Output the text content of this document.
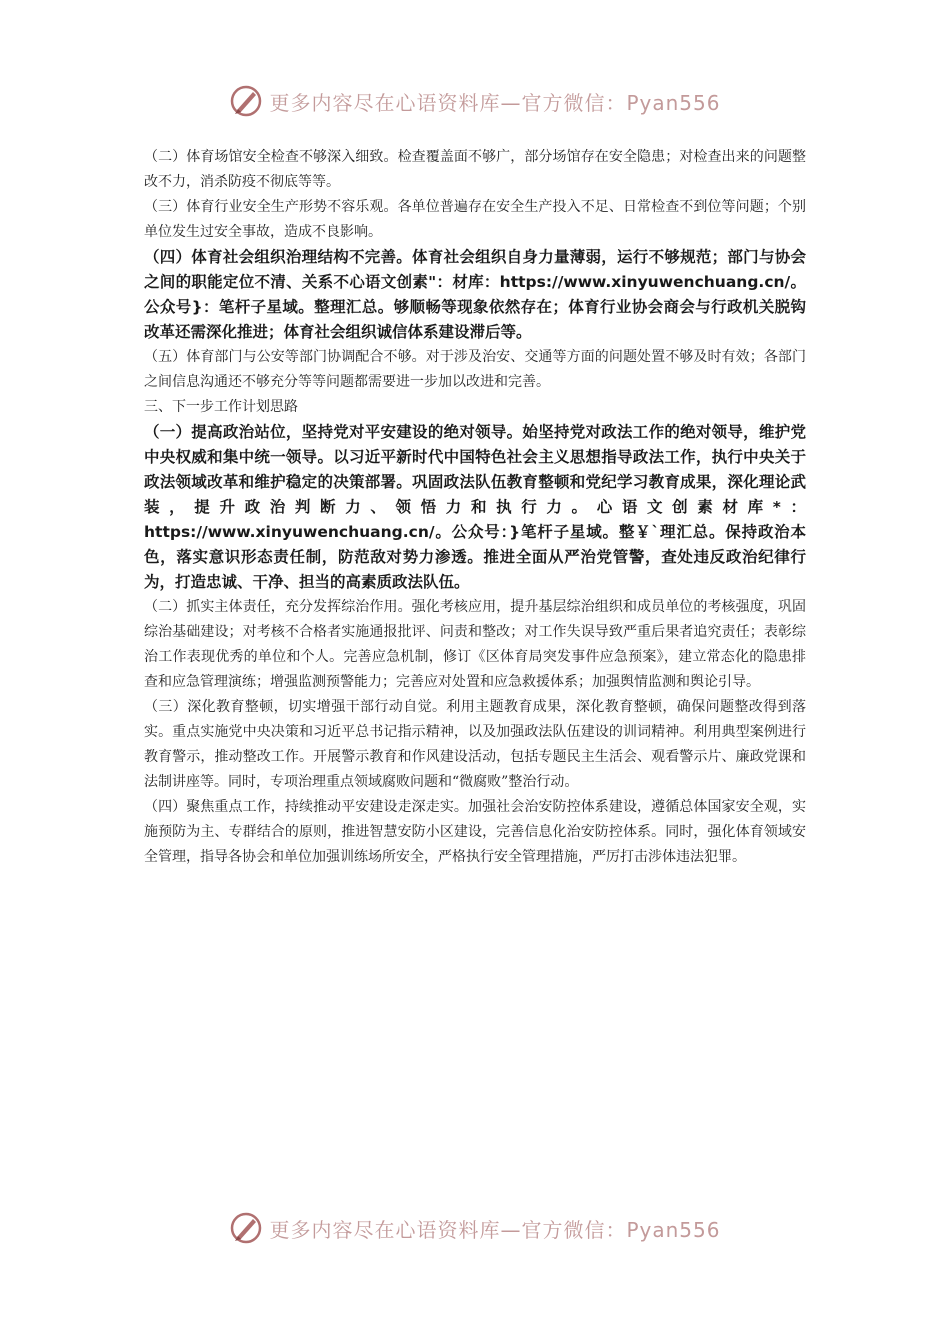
更多内容尽在心语资料库—官方微信：Pyan556

（二）体育场馆安全检查不够深入细致。检查覆盖面不够广，部分场馆存在安全隐患；对检查出来的问题整改不力，消杀防疫不彻底等等。

（三）体育行业安全生产形势不容乐观。各单位普遍存在安全生产投入不足、日常检查不到位等问题；个别单位发生过安全事故，造成不良影响。

（四）体育社会组织治理结构不完善。体育社会组织自身力量薄弱，运行不够规范；部门与协会之间的职能定位不清、关系不心语文创素"：材库：https://www.xinyuwenchuang.cn/。公众号}：笔杆子星域。整理汇总。够顺畅等现象依然存在；体育行业协会商会与行政机关脱钩改革还需深化推进；体育社会组织诚信体系建设滞后等。

（五）体育部门与公安等部门协调配合不够。对于涉及治安、交通等方面的问题处置不够及时有效；各部门之间信息沟通还不够充分等等问题都需要进一步加以改进和完善。

三、下一步工作计划思路

（一）提高政治站位，坚持党对平安建设的绝对领导。始坚持党对政法工作的绝对领导，维护党中央权威和集中统一领导。以习近平新时代中国特色社会主义思想指导政法工作，执行中央关于政法领域改革和维护稳定的决策部署。巩固政法队伍教育整顿和党纪学习教育成果，深化理论武装，提升政治判断力、领悟力和执行力。心语文创素材库*：https://www.xinyuwenchuang.cn/。公众号：}笔杆子星域。整￥`理汇总。保持政治本色，落实意识形态责任制，防范敌对势力渗透。推进全面从严治党管警，查处违反政治纪律行为，打造忠诚、干净、担当的高素质政法队伍。

（二）抓实主体责任，充分发挥综治作用。强化考核应用，提升基层综治组织和成员单位的考核强度，巩固综治基础建设；对考核不合格者实施通报批评、问责和整改；对工作失误导致严重后果者追究责任；表彰综治工作表现优秀的单位和个人。完善应急机制，修订《区体育局突发事件应急预案》，建立常态化的隐患排查和应急管理演练；增强监测预警能力；完善应对处置和应急救援体系；加强舆情监测和舆论引导。

（三）深化教育整顿，切实增强干部行动自觉。利用主题教育成果，深化教育整顿，确保问题整改得到落实。重点实施党中央决策和习近平总书记指示精神，以及加强政法队伍建设的训词精神。利用典型案例进行教育警示，推动整改工作。开展警示教育和作风建设活动，包括专题民主生活会、观看警示片、廉政党课和法制讲座等。同时，专项治理重点领域腐败问题和“微腐败”整治行动。

（四）聚焦重点工作，持续推动平安建设走深走实。加强社会治安防控体系建设，遵循总体国家安全观，实施预防为主、专群结合的原则，推进智慧安防小区建设，完善信息化治安防控体系。同时，强化体育领域安全管理，指导各协会和单位加强训练场所安全，严格执行安全管理措施，严厉打击涉体违法犯罪。

更多内容尽在心语资料库—官方微信：Pyan556
